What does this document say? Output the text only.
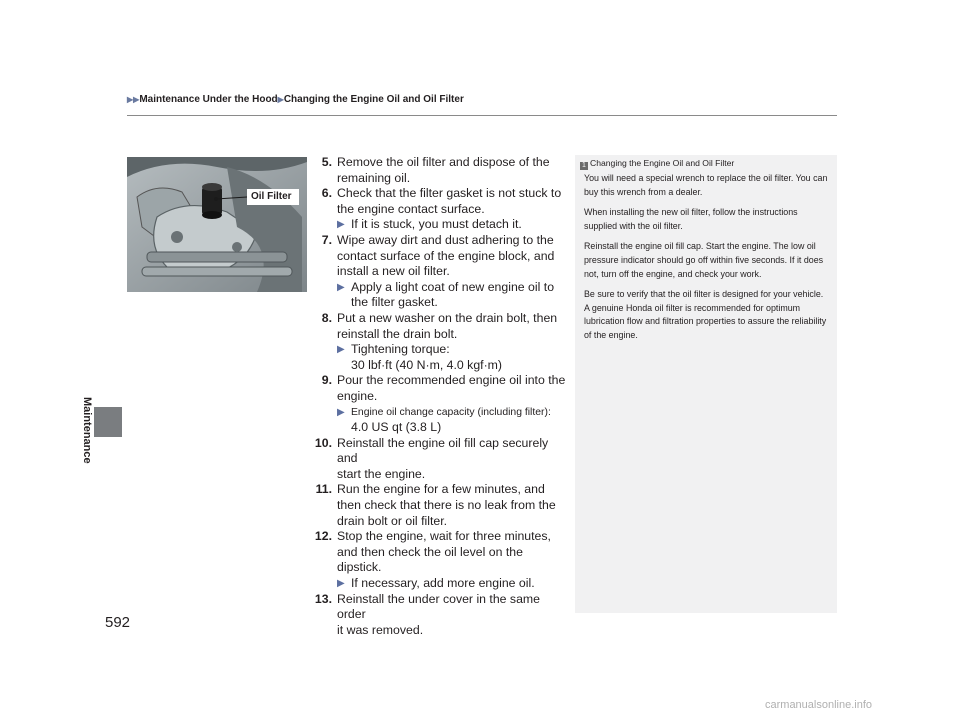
▶▶Maintenance Under the Hood▶Changing the Engine Oil and Oil Filter
Maintenance
592
Oil Filter
5. Remove the oil filter and dispose of the
remaining oil.
6. Check that the filter gasket is not stuck to
the engine contact surface.
▶ If it is stuck, you must detach it.
7. Wipe away dirt and dust adhering to the
contact surface of the engine block, and
install a new oil filter.
▶ Apply a light coat of new engine oil to
the filter gasket.
8. Put a new washer on the drain bolt, then
reinstall the drain bolt.
▶ Tightening torque:
30 lbf·ft (40 N·m, 4.0 kgf·m)
9. Pour the recommended engine oil into the
engine.
▶ Engine oil change capacity (including filter):
4.0 US qt (3.8 L)
10. Reinstall the engine oil fill cap securely and
start the engine.
11. Run the engine for a few minutes, and
then check that there is no leak from the
drain bolt or oil filter.
12. Stop the engine, wait for three minutes,
and then check the oil level on the
dipstick.
▶ If necessary, add more engine oil.
13. Reinstall the under cover in the same order
it was removed.
1 Changing the Engine Oil and Oil Filter

You will need a special wrench to replace the oil filter. You can buy this wrench from a dealer.

When installing the new oil filter, follow the instructions supplied with the oil filter.

Reinstall the engine oil fill cap. Start the engine. The low oil pressure indicator should go off within five seconds. If it does not, turn off the engine, and check your work.

Be sure to verify that the oil filter is designed for your vehicle. A genuine Honda oil filter is recommended for optimum lubrication flow and filtration properties to assure the reliability of the engine.

carmanualsonline.info
